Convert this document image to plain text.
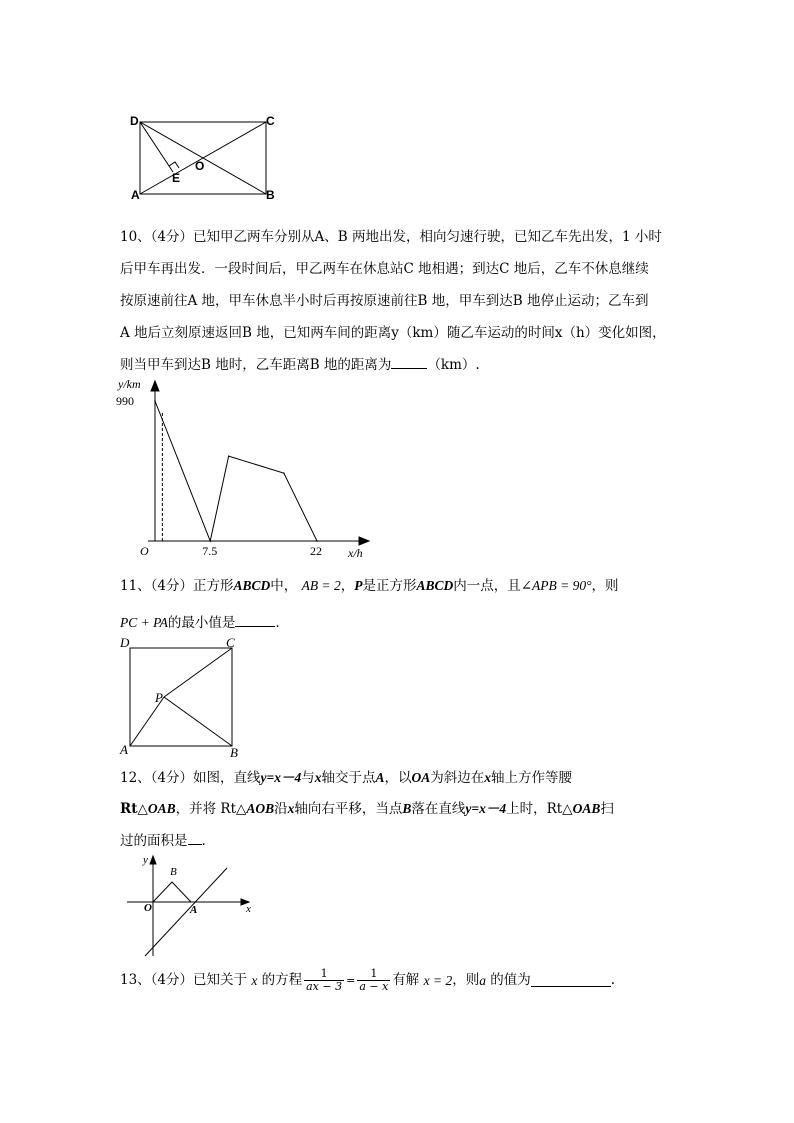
D	C
A	B
O
E
10、（4分）已知甲乙两车分别从A、B 两地出发，相向匀速行驶，已知乙车先出发，1 小时
后甲车再出发．一段时间后，甲乙两车在休息站C 地相遇；到达C 地后，乙车不休息继续
按原速前往A 地，甲车休息半小时后再按原速前往B 地，甲车到达B 地停止运动；乙车到
A 地后立刻原速返回B 地，已知两车间的距离y（km）随乙车运动的时间x（h）变化如图，
则当甲车到达B 地时，乙车距离B 地的距离为	（km）.
y/km
O	x/h
990
7.5	22
11、（4分）正方形ABCD中， AB = 2，P是正方形ABCD内一点，且∠APB = 90°，则
PC + PA的最小值是	.
D	C
P
A	B
12、（4分）如图，直线y=x－4与x轴交于点A，以OA为斜边在x轴上方作等腰
Rt△OAB，并将 Rt△AOB沿x轴向右平移，当点B落在直线y=x－4上时，Rt△OAB扫
过的面积是 .
y
B
O	A	x
13、（4分） 已知关于
x
的方程 $\frac{1}{ax - 3} = \frac{1}{a - x}$ 有解
x = 2 ，则 a
的值为	.
